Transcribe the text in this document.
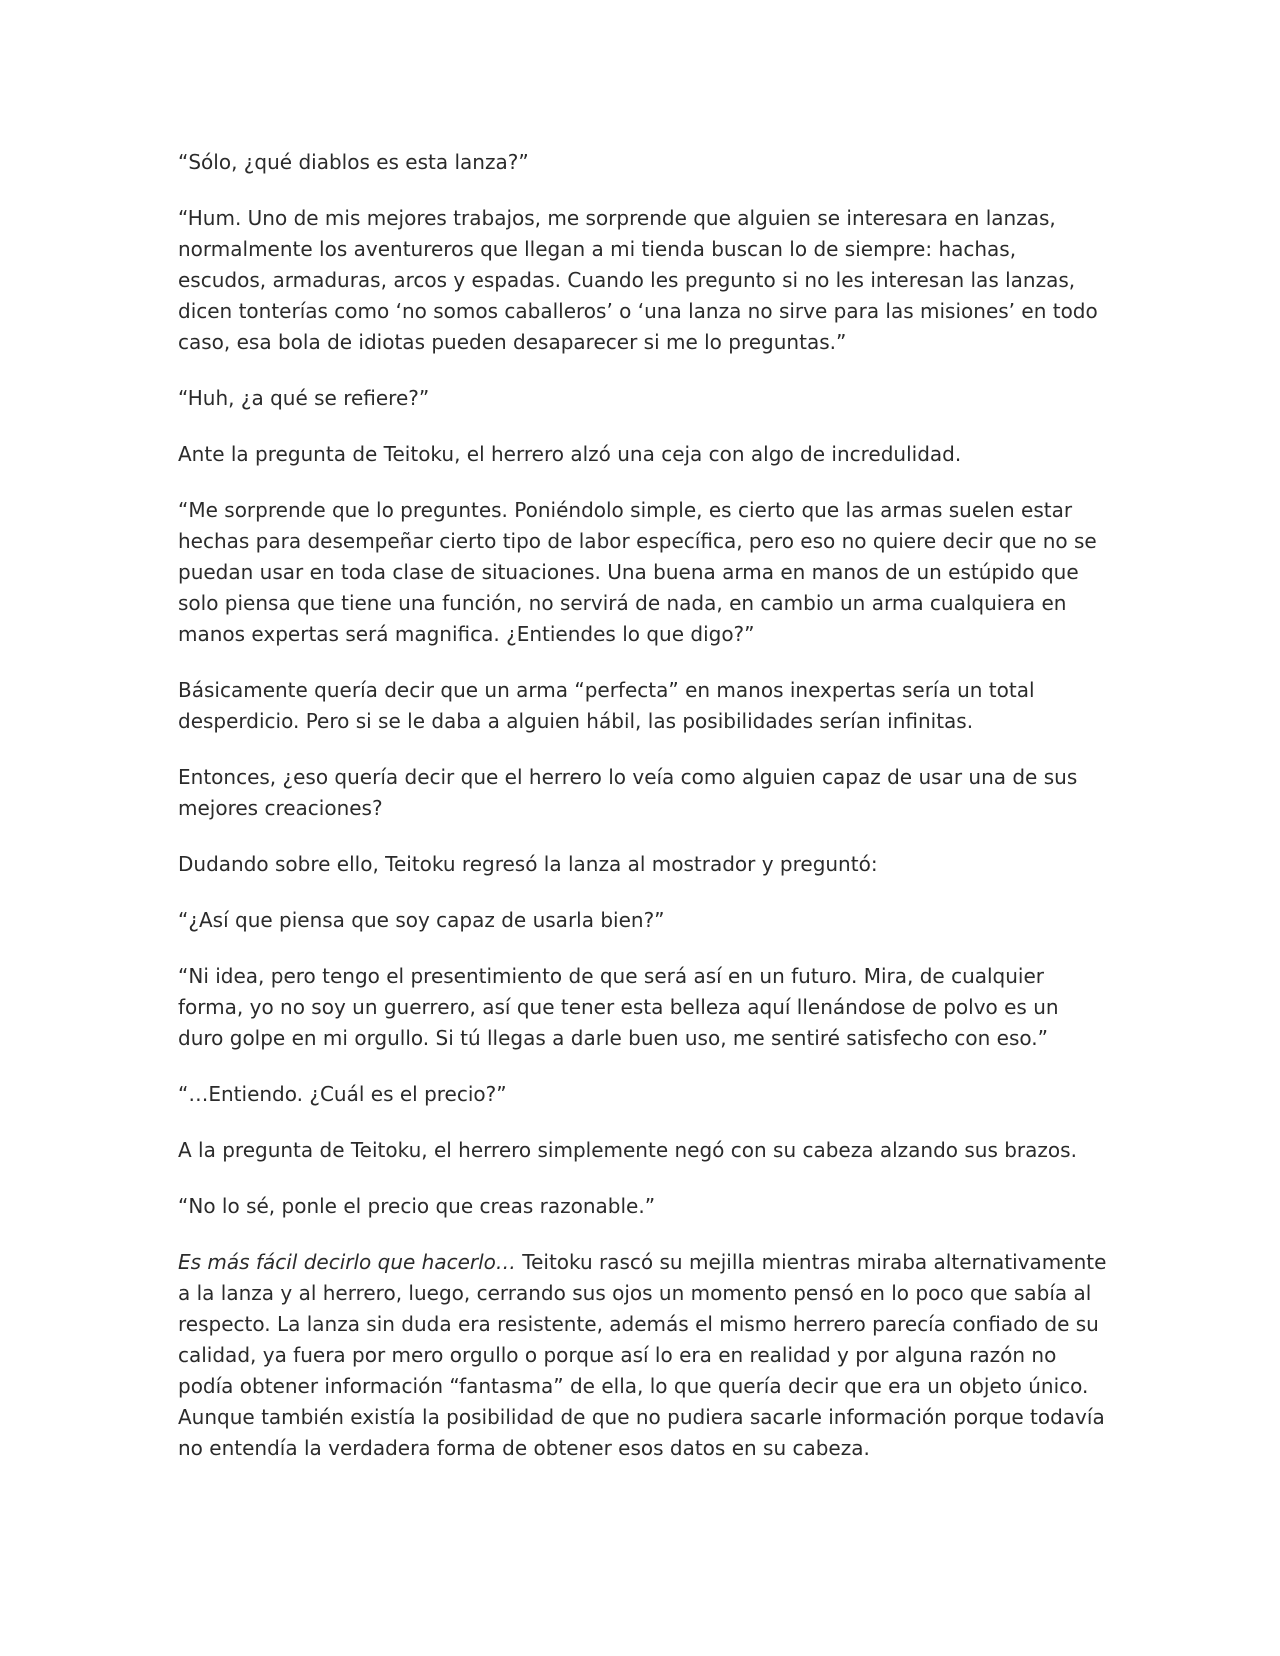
“Sólo, ¿qué diablos es esta lanza?”

“Hum. Uno de mis mejores trabajos, me sorprende que alguien se interesara en lanzas, normalmente los aventureros que llegan a mi tienda buscan lo de siempre: hachas, escudos, armaduras, arcos y espadas. Cuando les pregunto si no les interesan las lanzas, dicen tonterías como ‘no somos caballeros’ o ‘una lanza no sirve para las misiones’ en todo caso, esa bola de idiotas pueden desaparecer si me lo preguntas.”

“Huh, ¿a qué se refiere?”

Ante la pregunta de Teitoku, el herrero alzó una ceja con algo de incredulidad.

“Me sorprende que lo preguntes. Poniéndolo simple, es cierto que las armas suelen estar hechas para desempeñar cierto tipo de labor específica, pero eso no quiere decir que no se puedan usar en toda clase de situaciones. Una buena arma en manos de un estúpido que solo piensa que tiene una función, no servirá de nada, en cambio un arma cualquiera en manos expertas será magnifica. ¿Entiendes lo que digo?”

Básicamente quería decir que un arma “perfecta” en manos inexpertas sería un total desperdicio. Pero si se le daba a alguien hábil, las posibilidades serían infinitas.

Entonces, ¿eso quería decir que el herrero lo veía como alguien capaz de usar una de sus mejores creaciones?

Dudando sobre ello, Teitoku regresó la lanza al mostrador y preguntó:

“¿Así que piensa que soy capaz de usarla bien?”

“Ni idea, pero tengo el presentimiento de que será así en un futuro. Mira, de cualquier forma, yo no soy un guerrero, así que tener esta belleza aquí llenándose de polvo es un duro golpe en mi orgullo. Si tú llegas a darle buen uso, me sentiré satisfecho con eso.”

“…Entiendo. ¿Cuál es el precio?”

A la pregunta de Teitoku, el herrero simplemente negó con su cabeza alzando sus brazos.

“No lo sé, ponle el precio que creas razonable.”

Es más fácil decirlo que hacerlo… Teitoku rascó su mejilla mientras miraba alternativamente a la lanza y al herrero, luego, cerrando sus ojos un momento pensó en lo poco que sabía al respecto. La lanza sin duda era resistente, además el mismo herrero parecía confiado de su calidad, ya fuera por mero orgullo o porque así lo era en realidad y por alguna razón no podía obtener información “fantasma” de ella, lo que quería decir que era un objeto único. Aunque también existía la posibilidad de que no pudiera sacarle información porque todavía no entendía la verdadera forma de obtener esos datos en su cabeza.
